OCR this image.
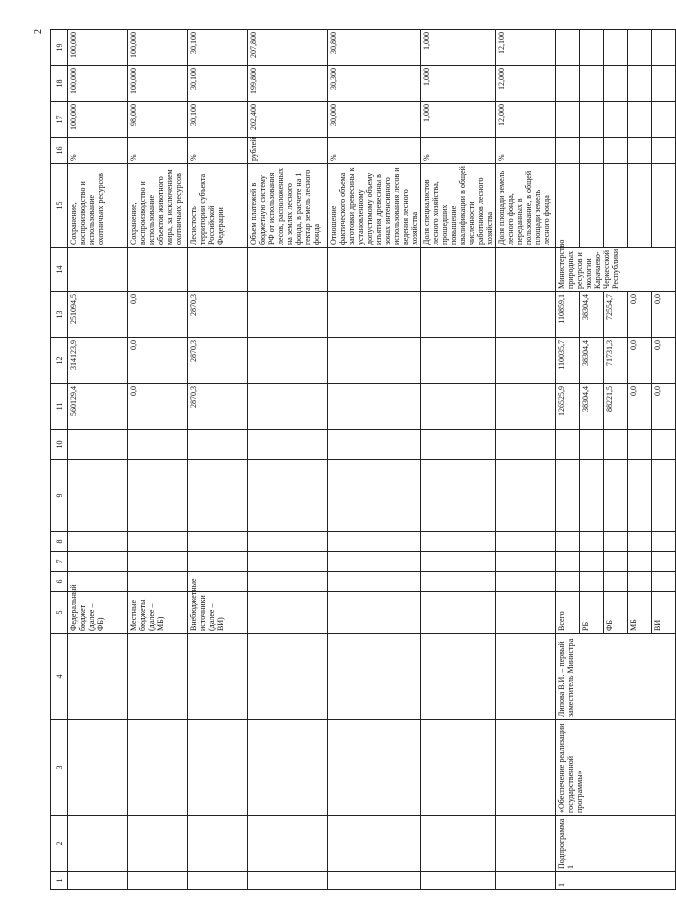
2
1	2	3	4	5	6	7	8	9	10	11	12	13	14	15	16	17	18	19
				Федеральный бюджет (далее – ФБ)						560129,4	314123,9	251094,5		Сохранение, воспроизводство и использование охотничьих ресурсов	%	100,000	100,000	100,000
				Местные бюджеты (далее – МБ)						0,0	0,0	0,0		Сохранение, воспроизводство и использование объектов животного мира, за исключением охотничьих ресурсов	%	98,000	100,000	100,000
				Внебюджетные источники (далее – ВИ)						2870,3	2870,3	2870,3		Лесистость территории субъекта Российской Федерации	%	30,100	30,100	30,100
														Объем платежей в бюджетную систему РФ от использования лесов, расположенных на землях лесного фонда, в расчете на 1 гектар земель лесного фонда	рублей	202,400	199,800	207,800
														Отношение фактического объема заготовки древесины к установленному допустимому объему изъятия древесины в зонах интенсивного использования лесов и ведения лесного хозяйства	%	30,000	30,300	30,800
														Доля специалистов лесного хозяйства, прошедших повышение квалификации в общей численности работников лесного хозяйства	%	1,000	1,000	1,000
														Доля площади земель лесного фонда, переданных в пользование, в общей площади земель лесного фонда	%	12,000	12,000	12,100
1	Подпрограмма 1	«Обеспечение реализации государственной программы»	Липова В.И. – первый заместитель Министра	Всего						126525,9	110035,7	110859,1	Министерство природных ресурсов и экологии Карачаево-Черкесской Республики					
				РБ						38304,4	38304,4	38304,4						
				ФБ						88221,5	71731,3	72554,7						
				МБ						0,0	0,0	0,0						
				ВИ						0,0	0,0	0,0						
